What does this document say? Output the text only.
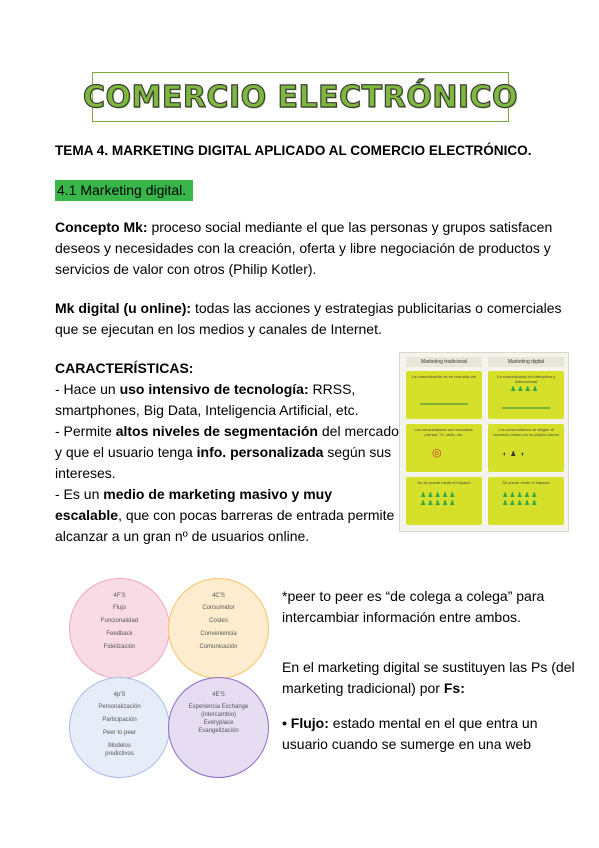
COMERCIO ELECTRÓNICO
TEMA 4. MARKETING DIGITAL APLICADO AL COMERCIO ELECTRÓNICO.
4.1 Marketing digital.
Concepto Mk: proceso social mediante el que las personas y grupos satisfacen deseos y necesidades con la creación, oferta y libre negociación de productos y servicios de valor con otros (Philip Kotler).
Mk digital (u online): todas las acciones y estrategias publicitarias o comerciales que se ejecutan en los medios y canales de Internet.
CARACTERÍSTICAS:
- Hace un uso intensivo de tecnología: RRSS, smartphones, Big Data, Inteligencia Artificial, etc.
- Permite altos niveles de segmentación del mercado y que el usuario tenga info. personalizada según sus intereses.
- Es un medio de marketing masivo y muy escalable, que con pocas barreras de entrada permite alcanzar a un gran nº de usuarios online.
Marketing tradicional	Marketing digital
La comunicación es en una sola vía	La comunicación es interactiva y bidireccional
♟♟♟♟
Los consumidores son buscados: prensa, TV, radio, etc.
◎
Los consumidores se dirigen al comercio online por su propia cuenta
◖ ♟ ◗
No se puede medir el impacto
♟♟♟♟♟
♟♟♟♟♟
Se puede medir el impacto
♟♟♟♟♟
♟♟♟♟♟
4F'S
Flujo
Funcionalidad
Feedback
Fidelización
4C'S
Consumidor
Costes
Conveniencia
Comunicación
4p'S
Personalización
Participación
Peer to peer
Modelos predictivos
4E'S
Experiencia Exchange (intercambio) Everyplace Evangelización
*peer to peer es “de colega a colega” para intercambiar información entre ambos.
En el marketing digital se sustituyen las Ps (del marketing tradicional) por Fs:
• Flujo: estado mental en el que entra un usuario cuando se sumerge en una web
